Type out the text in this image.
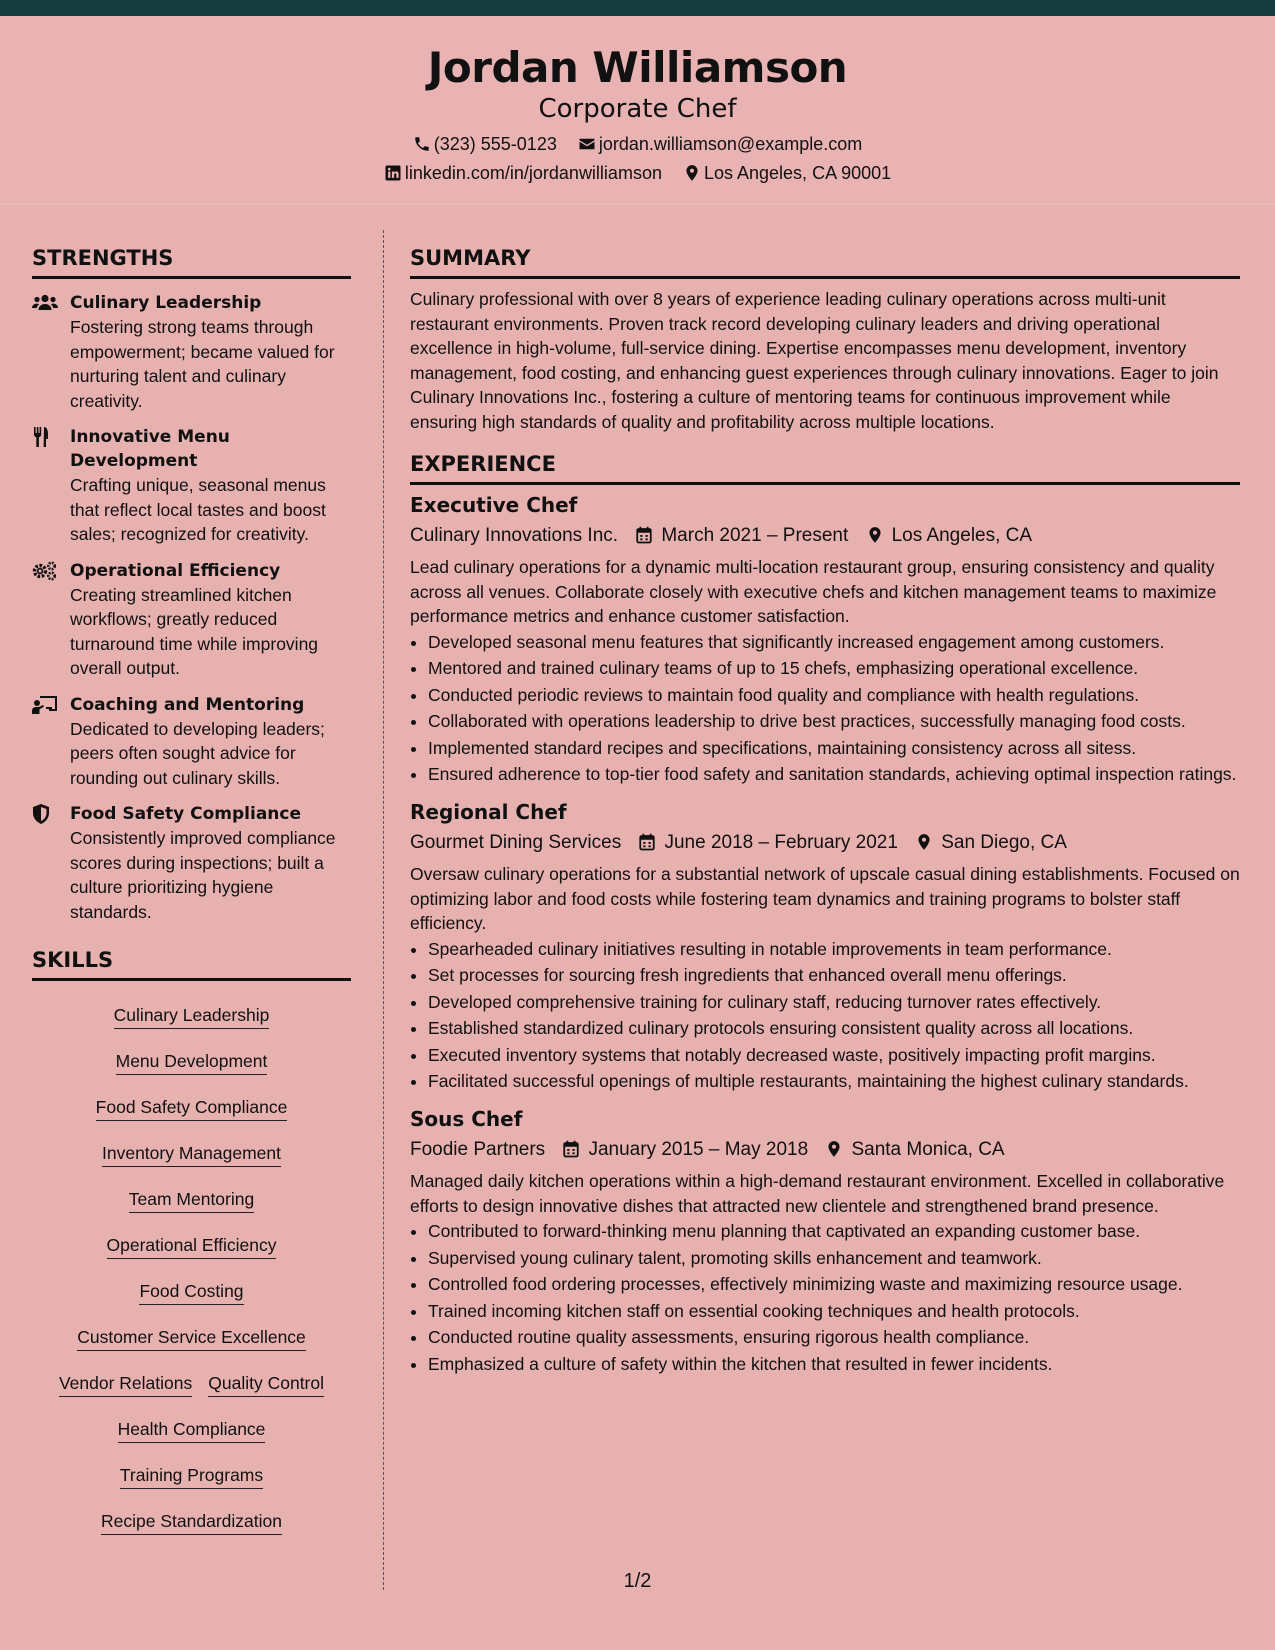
Jordan Williamson
Corporate Chef
(323) 555-0123 jordan.williamson@example.com
linkedin.com/in/jordanwilliamson Los Angeles, CA 90001
STRENGTHS
Culinary Leadership
Fostering strong teams through empowerment; became valued for nurturing talent and culinary creativity.
Innovative Menu Development
Crafting unique, seasonal menus that reflect local tastes and boost sales; recognized for creativity.
Operational Efficiency
Creating streamlined kitchen workflows; greatly reduced turnaround time while improving overall output.
Coaching and Mentoring
Dedicated to developing leaders; peers often sought advice for rounding out culinary skills.
Food Safety Compliance
Consistently improved compliance scores during inspections; built a culture prioritizing hygiene standards.
SKILLS
Culinary Leadership
Menu Development
Food Safety Compliance
Inventory Management
Team Mentoring
Operational Efficiency
Food Costing
Customer Service Excellence
Vendor Relations Quality Control
Health Compliance
Training Programs
Recipe Standardization
SUMMARY
Culinary professional with over 8 years of experience leading culinary operations across multi-unit restaurant environments. Proven track record developing culinary leaders and driving operational excellence in high-volume, full-service dining. Expertise encompasses menu development, inventory management, food costing, and enhancing guest experiences through culinary innovations. Eager to join Culinary Innovations Inc., fostering a culture of mentoring teams for continuous improvement while ensuring high standards of quality and profitability across multiple locations.
EXPERIENCE
Executive Chef
Culinary Innovations Inc. March 2021 – Present Los Angeles, CA
Lead culinary operations for a dynamic multi-location restaurant group, ensuring consistency and quality across all venues. Collaborate closely with executive chefs and kitchen management teams to maximize performance metrics and enhance customer satisfaction.
• Developed seasonal menu features that significantly increased engagement among customers.
• Mentored and trained culinary teams of up to 15 chefs, emphasizing operational excellence.
• Conducted periodic reviews to maintain food quality and compliance with health regulations.
• Collaborated with operations leadership to drive best practices, successfully managing food costs.
• Implemented standard recipes and specifications, maintaining consistency across all sitess.
• Ensured adherence to top-tier food safety and sanitation standards, achieving optimal inspection ratings.
Regional Chef
Gourmet Dining Services June 2018 – February 2021 San Diego, CA
Oversaw culinary operations for a substantial network of upscale casual dining establishments. Focused on optimizing labor and food costs while fostering team dynamics and training programs to bolster staff efficiency.
• Spearheaded culinary initiatives resulting in notable improvements in team performance.
• Set processes for sourcing fresh ingredients that enhanced overall menu offerings.
• Developed comprehensive training for culinary staff, reducing turnover rates effectively.
• Established standardized culinary protocols ensuring consistent quality across all locations.
• Executed inventory systems that notably decreased waste, positively impacting profit margins.
• Facilitated successful openings of multiple restaurants, maintaining the highest culinary standards.
Sous Chef
Foodie Partners January 2015 – May 2018 Santa Monica, CA
Managed daily kitchen operations within a high-demand restaurant environment. Excelled in collaborative efforts to design innovative dishes that attracted new clientele and strengthened brand presence.
• Contributed to forward-thinking menu planning that captivated an expanding customer base.
• Supervised young culinary talent, promoting skills enhancement and teamwork.
• Controlled food ordering processes, effectively minimizing waste and maximizing resource usage.
• Trained incoming kitchen staff on essential cooking techniques and health protocols.
• Conducted routine quality assessments, ensuring rigorous health compliance.
• Emphasized a culture of safety within the kitchen that resulted in fewer incidents.
1/2
